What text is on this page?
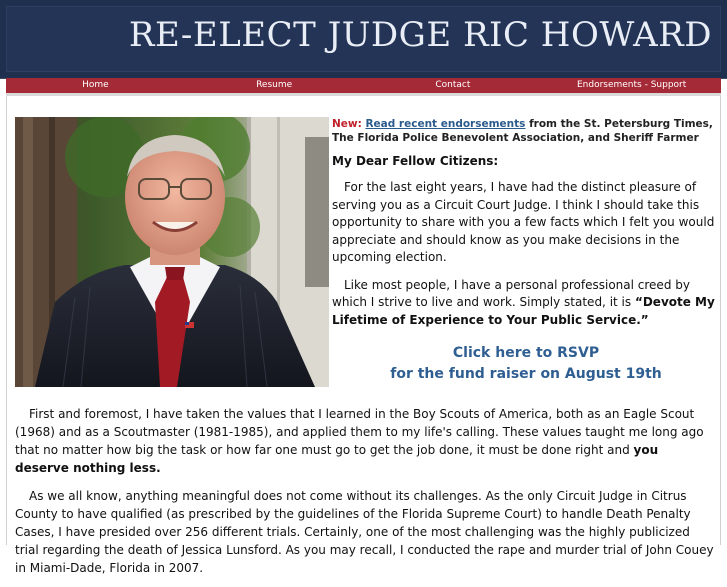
RE-ELECT JUDGE RIC HOWARD
Home	Resume	Contact	Endorsements - Support

New: Read recent endorsements from the St. Petersburg Times, The Florida Police Benevolent Association, and Sheriff Farmer

My Dear Fellow Citizens:

For the last eight years, I have had the distinct pleasure of serving you as a Circuit Court Judge. I think I should take this opportunity to share with you a few facts which I felt you would appreciate and should know as you make decisions in the upcoming election.

Like most people, I have a personal professional creed by which I strive to live and work. Simply stated, it is “Devote My Lifetime of Experience to Your Public Service.”

Click here to RSVP
for the fund raiser on August 19th

First and foremost, I have taken the values that I learned in the Boy Scouts of America, both as an Eagle Scout (1968) and as a Scoutmaster (1981-1985), and applied them to my life's calling. These values taught me long ago that no matter how big the task or how far one must go to get the job done, it must be done right and you deserve nothing less.

As we all know, anything meaningful does not come without its challenges. As the only Circuit Judge in Citrus County to have qualified (as prescribed by the guidelines of the Florida Supreme Court) to handle Death Penalty Cases, I have presided over 256 different trials. Certainly, one of the most challenging was the highly publicized trial regarding the death of Jessica Lunsford. As you may recall, I conducted the rape and murder trial of John Couey in Miami-Dade, Florida in 2007.
